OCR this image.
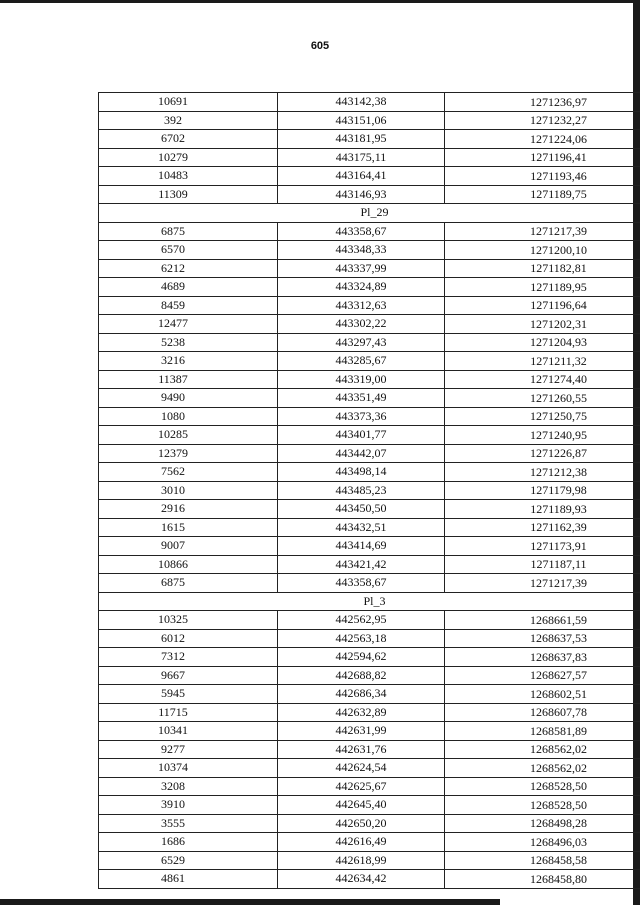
605
10691	443142,38	1271236,97
392	443151,06	1271232,27
6702	443181,95	1271224,06
10279	443175,11	1271196,41
10483	443164,41	1271193,46
11309	443146,93	1271189,75
Pl_29		
6875	443358,67	1271217,39
6570	443348,33	1271200,10
6212	443337,99	1271182,81
4689	443324,89	1271189,95
8459	443312,63	1271196,64
12477	443302,22	1271202,31
5238	443297,43	1271204,93
3216	443285,67	1271211,32
11387	443319,00	1271274,40
9490	443351,49	1271260,55
1080	443373,36	1271250,75
10285	443401,77	1271240,95
12379	443442,07	1271226,87
7562	443498,14	1271212,38
3010	443485,23	1271179,98
2916	443450,50	1271189,93
1615	443432,51	1271162,39
9007	443414,69	1271173,91
10866	443421,42	1271187,11
6875	443358,67	1271217,39
Pl_3		
10325	442562,95	1268661,59
6012	442563,18	1268637,53
7312	442594,62	1268637,83
9667	442688,82	1268627,57
5945	442686,34	1268602,51
11715	442632,89	1268607,78
10341	442631,99	1268581,89
9277	442631,76	1268562,02
10374	442624,54	1268562,02
3208	442625,67	1268528,50
3910	442645,40	1268528,50
3555	442650,20	1268498,28
1686	442616,49	1268496,03
6529	442618,99	1268458,58
4861	442634,42	1268458,80
